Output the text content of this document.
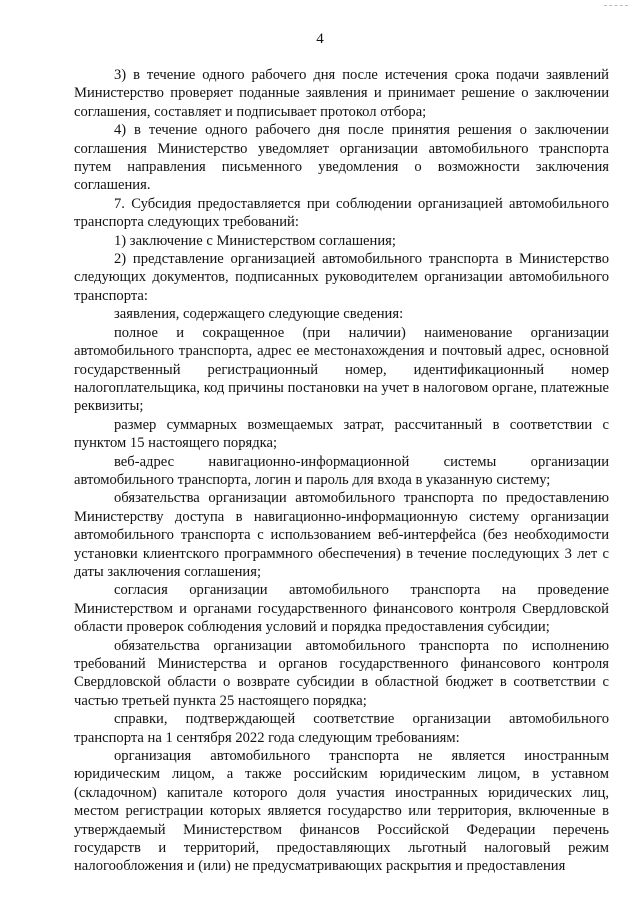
4

3) в течение одного рабочего дня после истечения срока подачи заявлений Министерство проверяет поданные заявления и принимает решение о заключении соглашения, составляет и подписывает протокол отбора;

4) в течение одного рабочего дня после принятия решения о заключении соглашения Министерство уведомляет организации автомобильного транспорта путем направления письменного уведомления о возможности заключения соглашения.

7. Субсидия предоставляется при соблюдении организацией автомобильного транспорта следующих требований:

1) заключение с Министерством соглашения;

2) представление организацией автомобильного транспорта в Министерство следующих документов, подписанных руководителем организации автомобильного транспорта:

заявления, содержащего следующие сведения:

полное и сокращенное (при наличии) наименование организации автомобильного транспорта, адрес ее местонахождения и почтовый адрес, основной государственный регистрационный номер, идентификационный номер налогоплательщика, код причины постановки на учет в налоговом органе, платежные реквизиты;

размер суммарных возмещаемых затрат, рассчитанный в соответствии с пунктом 15 настоящего порядка;

веб-адрес навигационно-информационной системы организации автомобильного транспорта, логин и пароль для входа в указанную систему;

обязательства организации автомобильного транспорта по предоставлению Министерству доступа в навигационно-информационную систему организации автомобильного транспорта с использованием веб-интерфейса (без необходимости установки клиентского программного обеспечения) в течение последующих 3 лет с даты заключения соглашения;

согласия организации автомобильного транспорта на проведение Министерством и органами государственного финансового контроля Свердловской области проверок соблюдения условий и порядка предоставления субсидии;

обязательства организации автомобильного транспорта по исполнению требований Министерства и органов государственного финансового контроля Свердловской области о возврате субсидии в областной бюджет в соответствии с частью третьей пункта 25 настоящего порядка;

справки, подтверждающей соответствие организации автомобильного транспорта на 1 сентября 2022 года следующим требованиям:

организация автомобильного транспорта не является иностранным юридическим лицом, а также российским юридическим лицом, в уставном (складочном) капитале которого доля участия иностранных юридических лиц, местом регистрации которых является государство или территория, включенные в утверждаемый Министерством финансов Российской Федерации перечень государств и территорий, предоставляющих льготный налоговый режим налогообложения и (или) не предусматривающих раскрытия и предоставления
